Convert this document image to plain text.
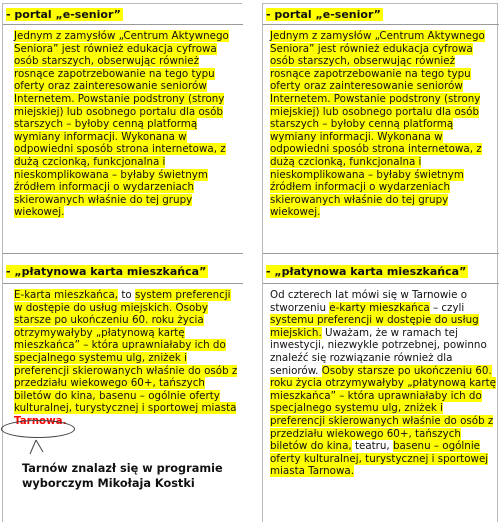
- portal „e-senior”
Jednym z zamysłów „Centrum Aktywnego Seniora” jest również edukacja cyfrowa osób starszych, obserwując również rosnące zapotrzebowanie na tego typu oferty oraz zainteresowanie seniorów Internetem. Powstanie podstrony (strony miejskiej) lub osobnego portalu dla osób starszych – byłoby cenną platformą wymiany informacji. Wykonana w odpowiedni sposób strona internetowa, z dużą czcionką, funkcjonalna i nieskomplikowana – byłaby świetnym źródłem informacji o wydarzeniach skierowanych właśnie do tej grupy wiekowej.
- „płatynowa karta mieszkańca”
E-karta mieszkańca, to system preferencji w dostępie do usług miejskich. Osoby starsze po ukończeniu 60. roku życia otrzymywałyby „płatynową kartę mieszkańca” – która uprawniałaby ich do specjalnego systemu ulg, zniżek i preferencji skierowanych właśnie do osób z przedziału wiekowego 60+, tańszych biletów do kina, basenu – ogólnie oferty kulturalnej, turystycznej i sportowej miasta Tarnowa.
Tarnów znalazł się w programie wyborczym Mikołaja Kostki
- portal „e-senior”
Jednym z zamysłów „Centrum Aktywnego Seniora” jest również edukacja cyfrowa osób starszych, obserwując również rosnące zapotrzebowanie na tego typu oferty oraz zainteresowanie seniorów Internetem. Powstanie podstrony (strony miejskiej) lub osobnego portalu dla osób starszych – byłoby cenną platformą wymiany informacji. Wykonana w odpowiedni sposób strona internetowa, z dużą czcionką, funkcjonalna i nieskomplikowana – byłaby świetnym źródłem informacji o wydarzeniach skierowanych właśnie do tej grupy wiekowej.
- „płatynowa karta mieszkańca”
Od czterech lat mówi się w Tarnowie o stworzeniu e-karty mieszkańca – czyli systemu preferencji w dostępie do usług miejskich. Uważam, że w ramach tej inwestycji, niezwykle potrzebnej, powinno znaleźć się rozwiązanie również dla seniorów. Osoby starsze po ukończeniu 60. roku życia otrzymywałyby „płatynową kartę mieszkańca” – która uprawniałaby ich do specjalnego systemu ulg, zniżek i preferencji skierowanych właśnie do osób z przedziału wiekowego 60+, tańszych biletów do kina, teatru, basenu – ogólnie oferty kulturalnej, turystycznej i sportowej miasta Tarnowa.
